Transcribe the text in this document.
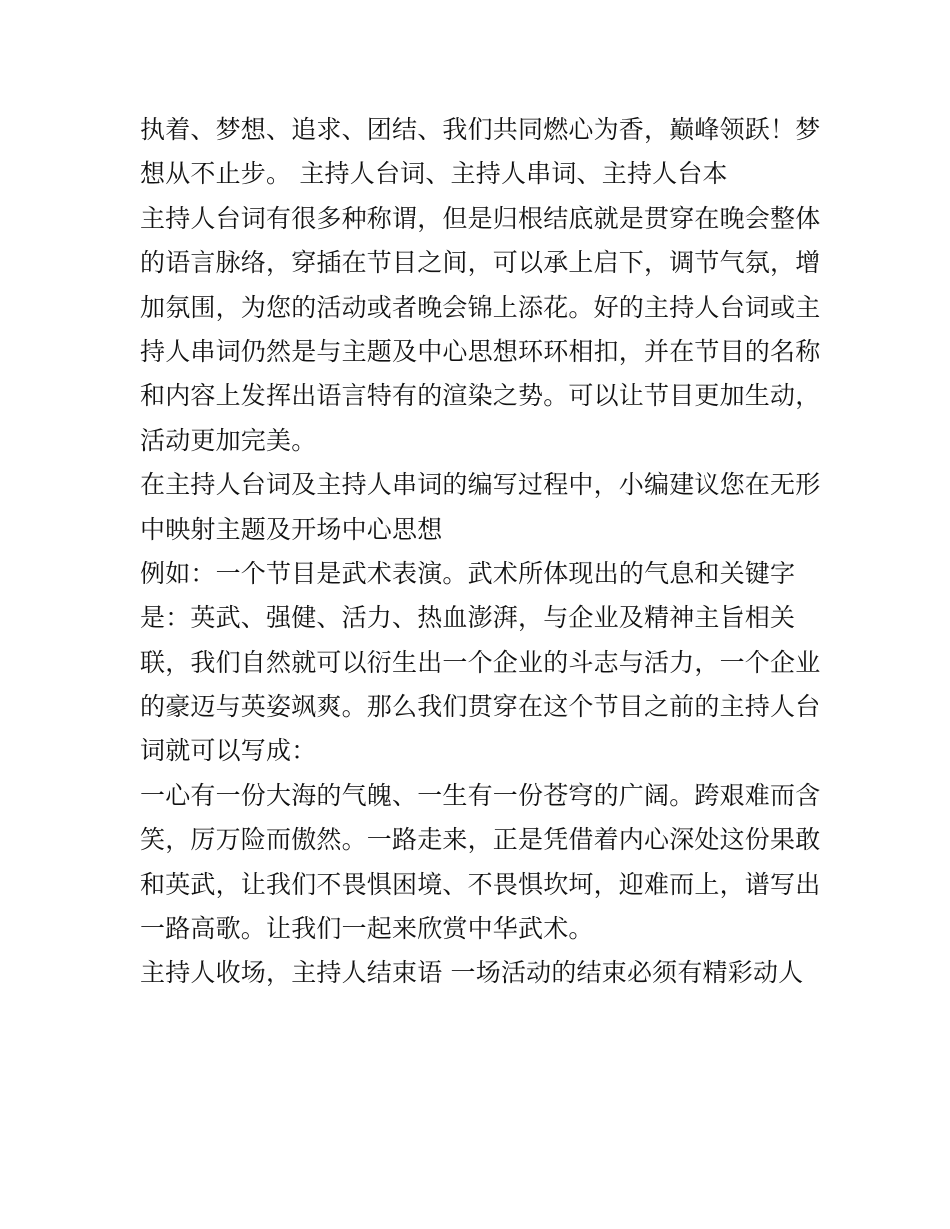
执着、梦想、追求、团结、我们共同燃心为香，巅峰领跃！梦
想从不止步。 主持人台词、主持人串词、主持人台本
主持人台词有很多种称谓，但是归根结底就是贯穿在晚会整体
的语言脉络，穿插在节目之间，可以承上启下，调节气氛，增
加氛围，为您的活动或者晚会锦上添花。好的主持人台词或主
持人串词仍然是与主题及中心思想环环相扣，并在节目的名称
和内容上发挥出语言特有的渲染之势。可以让节目更加生动，
活动更加完美。
在主持人台词及主持人串词的编写过程中，小编建议您在无形
中映射主题及开场中心思想
例如：一个节目是武术表演。武术所体现出的气息和关键字
是：英武、强健、活力、热血澎湃，与企业及精神主旨相关
联，我们自然就可以衍生出一个企业的斗志与活力，一个企业
的豪迈与英姿飒爽。那么我们贯穿在这个节目之前的主持人台
词就可以写成：
一心有一份大海的气魄、一生有一份苍穹的广阔。跨艰难而含
笑，厉万险而傲然。一路走来，正是凭借着内心深处这份果敢
和英武，让我们不畏惧困境、不畏惧坎坷，迎难而上，谱写出
一路高歌。让我们一起来欣赏中华武术。
主持人收场，主持人结束语 一场活动的结束必须有精彩动人
